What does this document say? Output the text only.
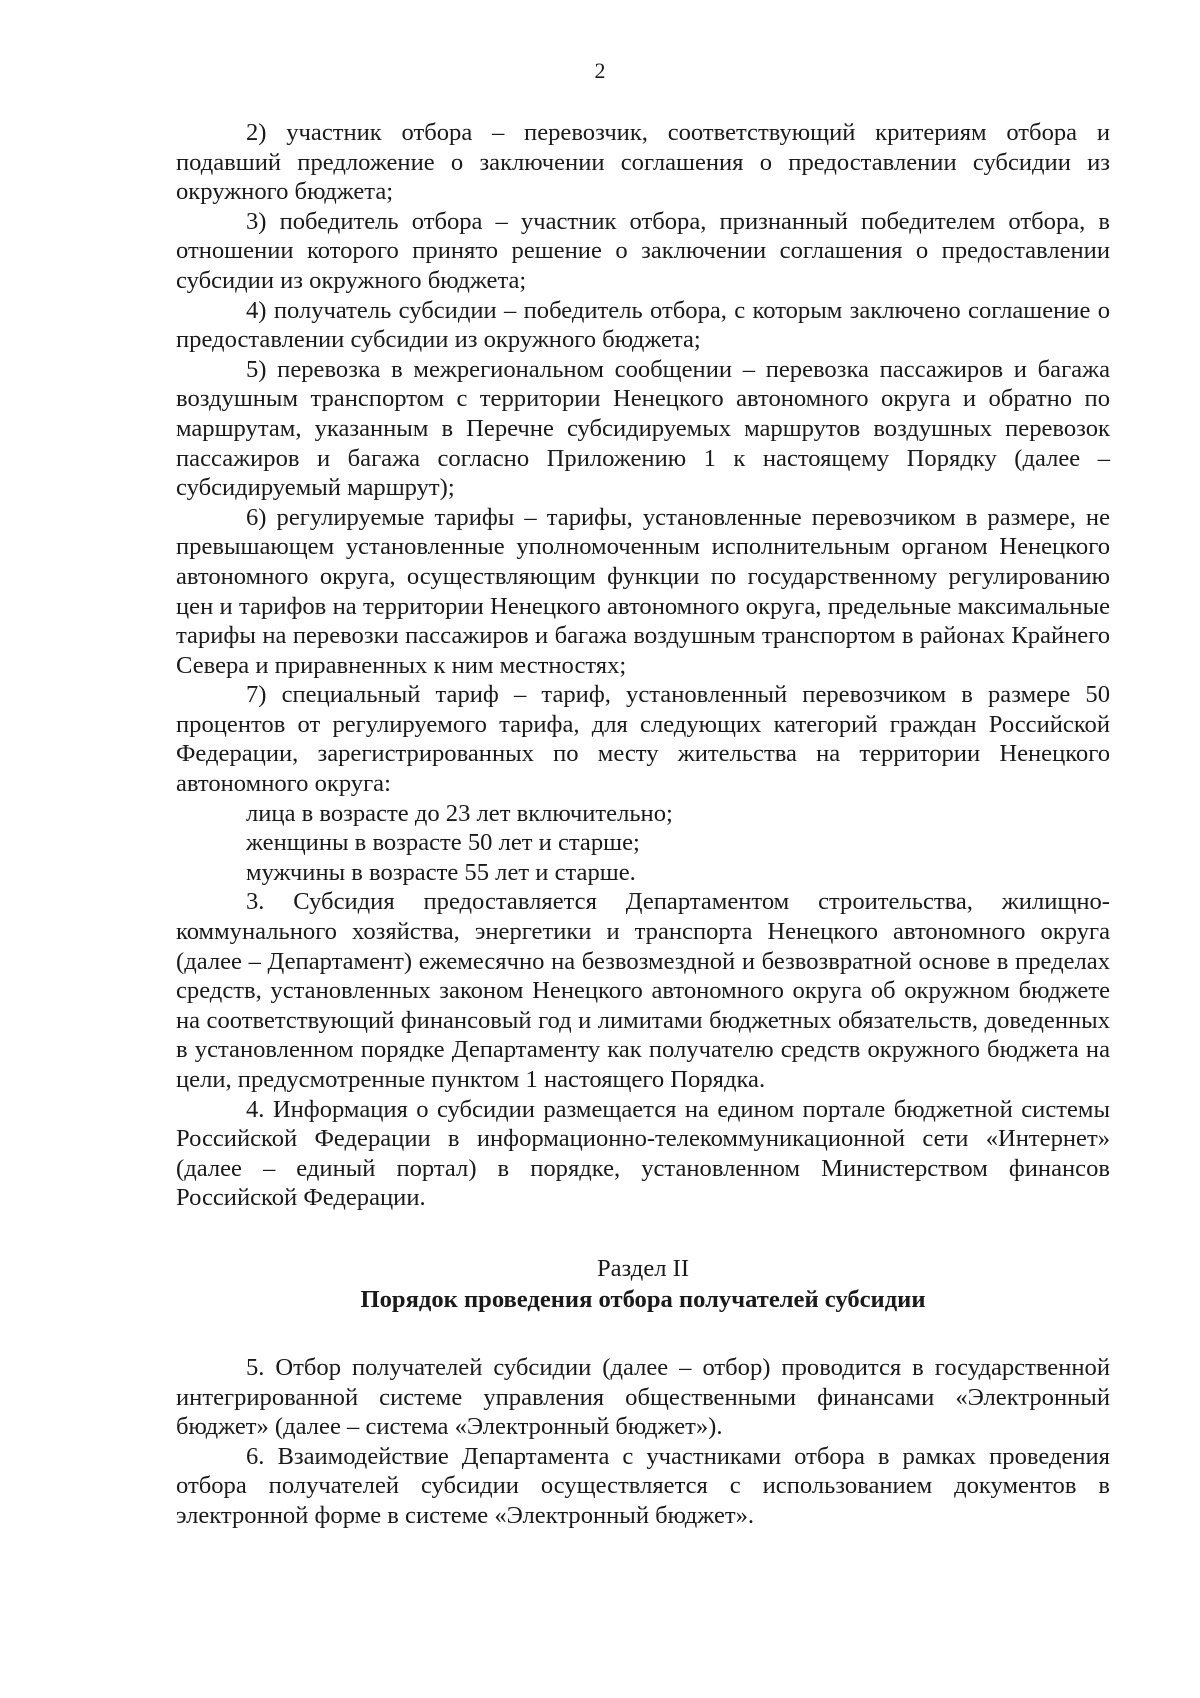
2

2) участник отбора – перевозчик, соответствующий критериям отбора и подавший предложение о заключении соглашения о предоставлении субсидии из окружного бюджета;

3) победитель отбора – участник отбора, признанный победителем отбора, в отношении которого принято решение о заключении соглашения о предоставлении субсидии из окружного бюджета;

4) получатель субсидии – победитель отбора, с которым заключено соглашение о предоставлении субсидии из окружного бюджета;

5) перевозка в межрегиональном сообщении – перевозка пассажиров и багажа воздушным транспортом с территории Ненецкого автономного округа и обратно по маршрутам, указанным в Перечне субсидируемых маршрутов воздушных перевозок пассажиров и багажа согласно Приложению 1 к настоящему Порядку (далее – субсидируемый маршрут);

6) регулируемые тарифы – тарифы, установленные перевозчиком в размере, не превышающем установленные уполномоченным исполнительным органом Ненецкого автономного округа, осуществляющим функции по государственному регулированию цен и тарифов на территории Ненецкого автономного округа, предельные максимальные тарифы на перевозки пассажиров и багажа воздушным транспортом в районах Крайнего Севера и приравненных к ним местностях;

7) специальный тариф – тариф, установленный перевозчиком в размере 50 процентов от регулируемого тарифа, для следующих категорий граждан Российской Федерации, зарегистрированных по месту жительства на территории Ненецкого автономного округа:

лица в возрасте до 23 лет включительно;

женщины в возрасте 50 лет и старше;

мужчины в возрасте 55 лет и старше.

3. Субсидия предоставляется Департаментом строительства, жилищно-коммунального хозяйства, энергетики и транспорта Ненецкого автономного округа (далее – Департамент) ежемесячно на безвозмездной и безвозвратной основе в пределах средств, установленных законом Ненецкого автономного округа об окружном бюджете на соответствующий финансовый год и лимитами бюджетных обязательств, доведенных в установленном порядке Департаменту как получателю средств окружного бюджета на цели, предусмотренные пунктом 1 настоящего Порядка.

4. Информация о субсидии размещается на едином портале бюджетной системы Российской Федерации в информационно-телекоммуникационной сети «Интернет» (далее – единый портал) в порядке, установленном Министерством финансов Российской Федерации.

Раздел II

Порядок проведения отбора получателей субсидии

5. Отбор получателей субсидии (далее – отбор) проводится в государственной интегрированной системе управления общественными финансами «Электронный бюджет» (далее – система «Электронный бюджет»).

6. Взаимодействие Департамента с участниками отбора в рамках проведения отбора получателей субсидии осуществляется с использованием документов в электронной форме в системе «Электронный бюджет».
